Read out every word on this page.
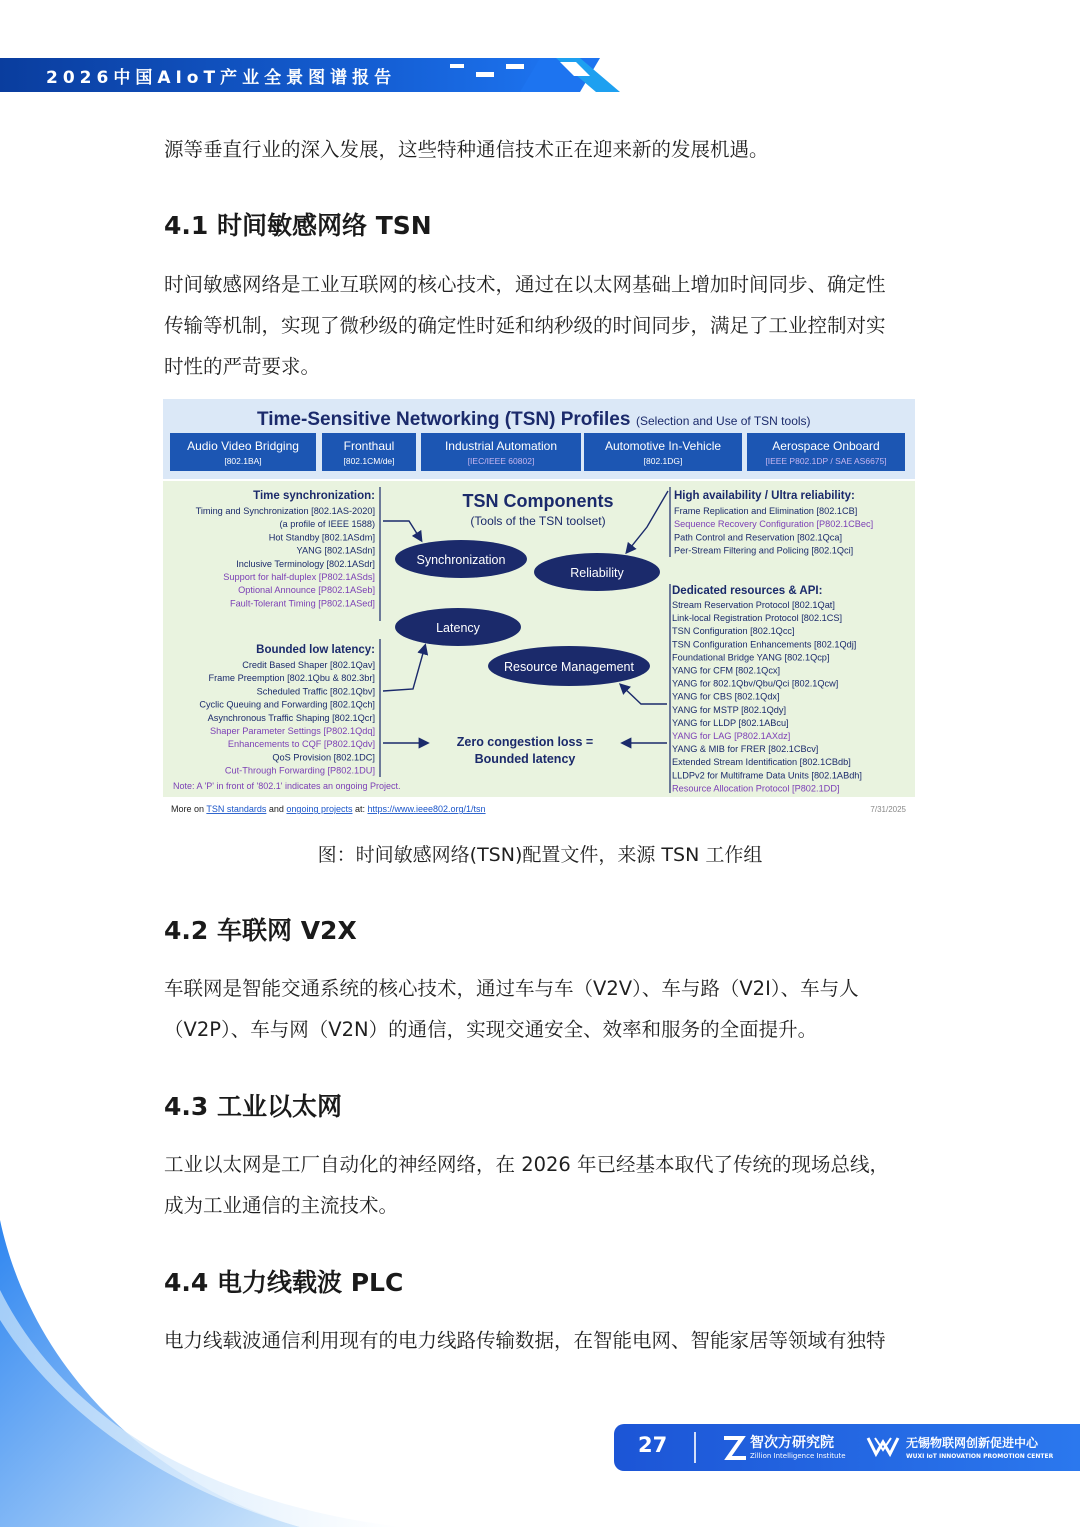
2026中国AIoT产业全景图谱报告
源等垂直行业的深入发展，这些特种通信技术正在迎来新的发展机遇。
4.1 时间敏感网络 TSN
时间敏感网络是工业互联网的核心技术，通过在以太网基础上增加时间同步、确定性
传输等机制，实现了微秒级的确定性时延和纳秒级的时间同步，满足了工业控制对实
时性的严苛要求。
Time-Sensitive Networking (TSN) Profiles (Selection and Use of TSN tools)
Audio Video Bridging
[802.1BA]
Fronthaul
[802.1CM/de]
Industrial Automation
[IEC/IEEE 60802]
Automotive In-Vehicle
[802.1DG]
Aerospace Onboard
[IEEE P802.1DP / SAE AS6675]
TSN Components
(Tools of the TSN toolset)
Synchronization
Reliability
Latency
Resource Management
Zero congestion loss =
Bounded latency
Time synchronization:
Timing and Synchronization [802.1AS-2020]
(a profile of IEEE 1588)
Hot Standby [802.1ASdm]
YANG [802.1ASdn]
Inclusive Terminology [802.1ASdr]
Support for half-duplex [P802.1ASds]
Optional Announce [P802.1ASeb]
Fault-Tolerant Timing [P802.1ASed]
Bounded low latency:
Credit Based Shaper [802.1Qav]
Frame Preemption [802.1Qbu & 802.3br]
Scheduled Traffic [802.1Qbv]
Cyclic Queuing and Forwarding [802.1Qch]
Asynchronous Traffic Shaping [802.1Qcr]
Shaper Parameter Settings [P802.1Qdq]
Enhancements to CQF [P802.1Qdv]
QoS Provision [802.1DC]
Cut-Through Forwarding [P802.1DU]
High availability / Ultra reliability:
Frame Replication and Elimination [802.1CB]
Sequence Recovery Configuration [P802.1CBec]
Path Control and Reservation [802.1Qca]
Per-Stream Filtering and Policing [802.1Qci]
Dedicated resources & API:
Stream Reservation Protocol [802.1Qat]
Link-local Registration Protocol [802.1CS]
TSN Configuration [802.1Qcc]
TSN Configuration Enhancements [802.1Qdj]
Foundational Bridge YANG [802.1Qcp]
YANG for CFM [802.1Qcx]
YANG for 802.1Qbv/Qbu/Qci [802.1Qcw]
YANG for CBS [802.1Qdx]
YANG for MSTP [802.1Qdy]
YANG for LLDP [802.1ABcu]
YANG for LAG [P802.1AXdz]
YANG & MIB for FRER [802.1CBcv]
Extended Stream Identification [802.1CBdb]
LLDPv2 for Multiframe Data Units [802.1ABdh]
Resource Allocation Protocol [P802.1DD]
Note: A 'P' in front of '802.1' indicates an ongoing Project.
More on TSN standards and ongoing projects at: https://www.ieee802.org/1/tsn	7/31/2025
图：时间敏感网络(TSN)配置文件，来源 TSN 工作组
4.2 车联网 V2X
车联网是智能交通系统的核心技术，通过车与车（V2V）、车与路（V2I）、车与人
（V2P）、车与网（V2N）的通信，实现交通安全、效率和服务的全面提升。
4.3 工业以太网
工业以太网是工厂自动化的神经网络，在 2026 年已经基本取代了传统的现场总线，
成为工业通信的主流技术。
4.4 电力线载波 PLC
电力线载波通信利用现有的电力线路传输数据，在智能电网、智能家居等领域有独特
27	智次方研究院
Zillion Intelligence Institute
无锡物联网创新促进中心
WUXI IoT INNOVATION PROMOTION CENTER
